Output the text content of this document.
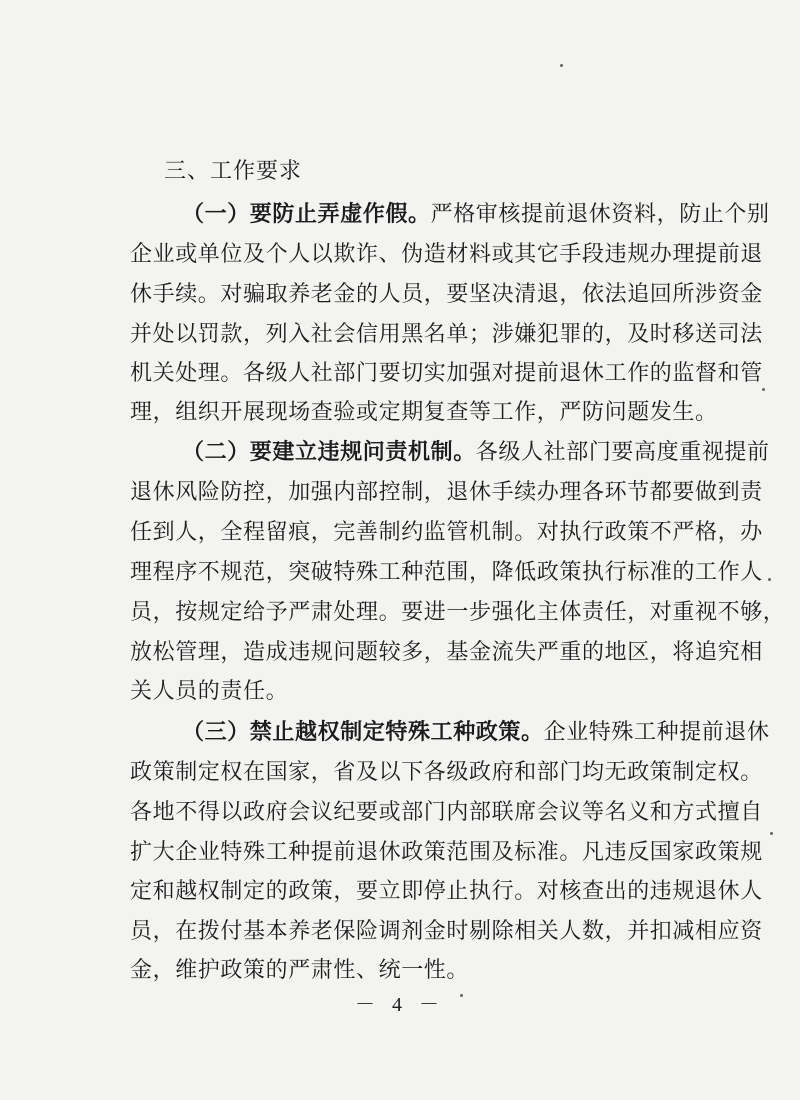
三、工作要求
（一）要防止弄虚作假。严格审核提前退休资料，防止个别
企业或单位及个人以欺诈、伪造材料或其它手段违规办理提前退
休手续。对骗取养老金的人员，要坚决清退，依法追回所涉资金
并处以罚款，列入社会信用黑名单；涉嫌犯罪的，及时移送司法
机关处理。各级人社部门要切实加强对提前退休工作的监督和管
理，组织开展现场查验或定期复查等工作，严防问题发生。
（二）要建立违规问责机制。各级人社部门要高度重视提前
退休风险防控，加强内部控制，退休手续办理各环节都要做到责
任到人，全程留痕，完善制约监管机制。对执行政策不严格，办
理程序不规范，突破特殊工种范围，降低政策执行标准的工作人
员，按规定给予严肃处理。要进一步强化主体责任，对重视不够，
放松管理，造成违规问题较多，基金流失严重的地区，将追究相
关人员的责任。
（三）禁止越权制定特殊工种政策。企业特殊工种提前退休
政策制定权在国家，省及以下各级政府和部门均无政策制定权。
各地不得以政府会议纪要或部门内部联席会议等名义和方式擅自
扩大企业特殊工种提前退休政策范围及标准。凡违反国家政策规
定和越权制定的政策，要立即停止执行。对核查出的违规退休人
员，在拨付基本养老保险调剂金时剔除相关人数，并扣减相应资
金，维护政策的严肃性、统一性。
－ 4 －
